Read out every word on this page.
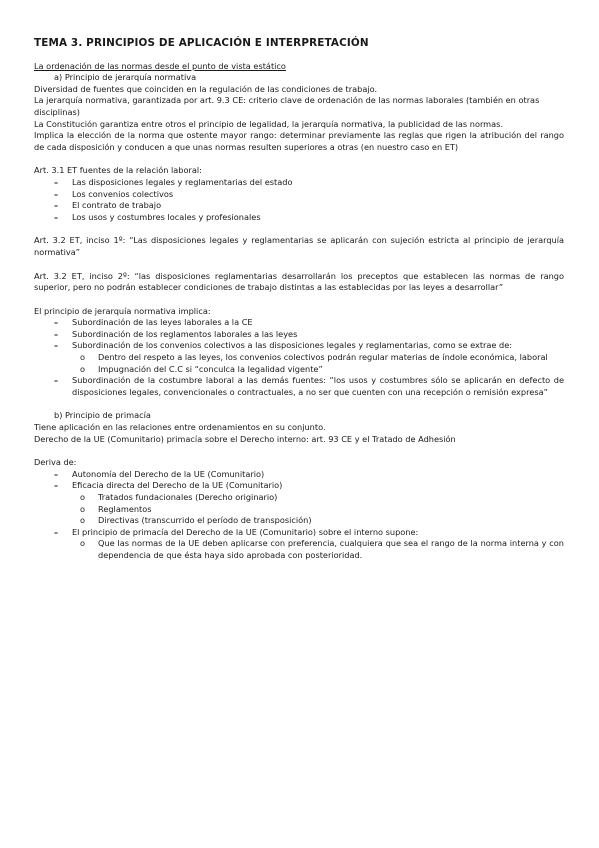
TEMA 3. PRINCIPIOS DE APLICACIÓN E INTERPRETACIÓN

La ordenación de las normas desde el punto de vista estático

a) Principio de jerarquía normativa

Diversidad de fuentes que coinciden en la regulación de las condiciones de trabajo.

La jerarquía normativa, garantizada por art. 9.3 CE: criterio clave de ordenación de las normas laborales (también en otras disciplinas)

La Constitución garantiza entre otros el principio de legalidad, la jerarquía normativa, la publicidad de las normas.

Implica la elección de la norma que ostente mayor rango: determinar previamente las reglas que rigen la atribución del rango de cada disposición y conducen a que unas normas resulten superiores a otras (en nuestro caso en ET)

Art. 3.1 ET fuentes de la relación laboral:

– Las disposiciones legales y reglamentarias del estado
– Los convenios colectivos
– El contrato de trabajo
– Los usos y costumbres locales y profesionales

Art. 3.2 ET, inciso 1º: “Las disposiciones legales y reglamentarias se aplicarán con sujeción estricta al principio de jerarquía normativa”

Art. 3.2 ET, inciso 2º: “las disposiciones reglamentarias desarrollarán los preceptos que establecen las normas de rango superior, pero no podrán establecer condiciones de trabajo distintas a las establecidas por las leyes a desarrollar”

El principio de jerarquía normativa implica:

– Subordinación de las leyes laborales a la CE
– Subordinación de los reglamentos laborales a las leyes
– Subordinación de los convenios colectivos a las disposiciones legales y reglamentarias, como se extrae de:
o Dentro del respeto a las leyes, los convenios colectivos podrán regular materias de índole económica, laboral
o Impugnación del C.C si “conculca la legalidad vigente”
– Subordinación de la costumbre laboral a las demás fuentes: “los usos y costumbres sólo se aplicarán en defecto de disposiciones legales, convencionales o contractuales, a no ser que cuenten con una recepción o remisión expresa”

b) Principio de primacía

Tiene aplicación en las relaciones entre ordenamientos en su conjunto.

Derecho de la UE (Comunitario) primacía sobre el Derecho interno: art. 93 CE y el Tratado de Adhesión

Deriva de:

– Autonomía del Derecho de la UE (Comunitario)
– Eficacia directa del Derecho de la UE (Comunitario)
o Tratados fundacionales (Derecho originario)
o Reglamentos
o Directivas (transcurrido el período de transposición)
– El principio de primacía del Derecho de la UE (Comunitario) sobre el interno supone:
o Que las normas de la UE deben aplicarse con preferencia, cualquiera que sea el rango de la norma interna y con dependencia de que ésta haya sido aprobada con posterioridad.
